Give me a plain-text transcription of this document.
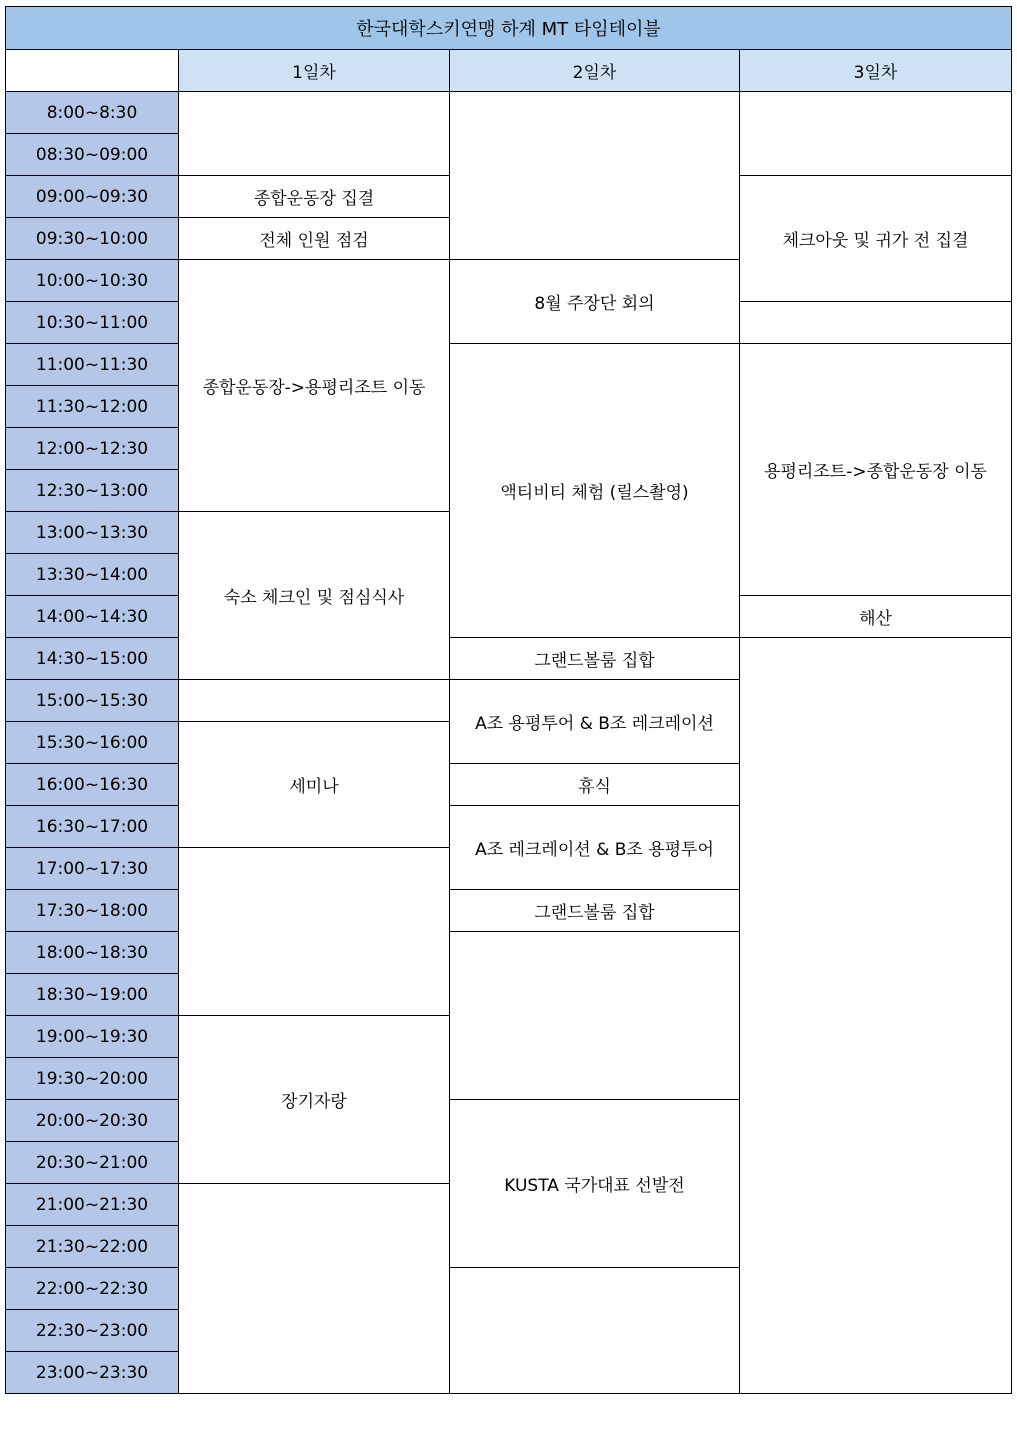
한국대학스키연맹 하계 MT 타임테이블			
	1일차	2일차	3일차
8:00~8:30			
08:30~09:00			
09:00~09:30	종합운동장 집결		체크아웃 및 귀가 전 집결
09:30~10:00	전체 인원 점검		
10:00~10:30	종합운동장->용평리조트 이동	8월 주장단 회의	
10:30~11:00			
11:00~11:30		액티비티 체험 (릴스촬영)	용평리조트->종합운동장 이동
11:30~12:00			
12:00~12:30			
12:30~13:00			
13:00~13:30	숙소 체크인 및 점심식사		
13:30~14:00			
14:00~14:30			해산
14:30~15:00		그랜드볼룸 집합	
15:00~15:30		A조 용평투어 & B조 레크레이션	
15:30~16:00	세미나		
16:00~16:30		휴식	
16:30~17:00		A조 레크레이션 & B조 용평투어	
17:00~17:30			
17:30~18:00		그랜드볼룸 집합	
18:00~18:30			
18:30~19:00			
19:00~19:30	장기자랑		
19:30~20:00			
20:00~20:30		KUSTA 국가대표 선발전	
20:30~21:00			
21:00~21:30			
21:30~22:00			
22:00~22:30			
22:30~23:00			
23:00~23:30			
